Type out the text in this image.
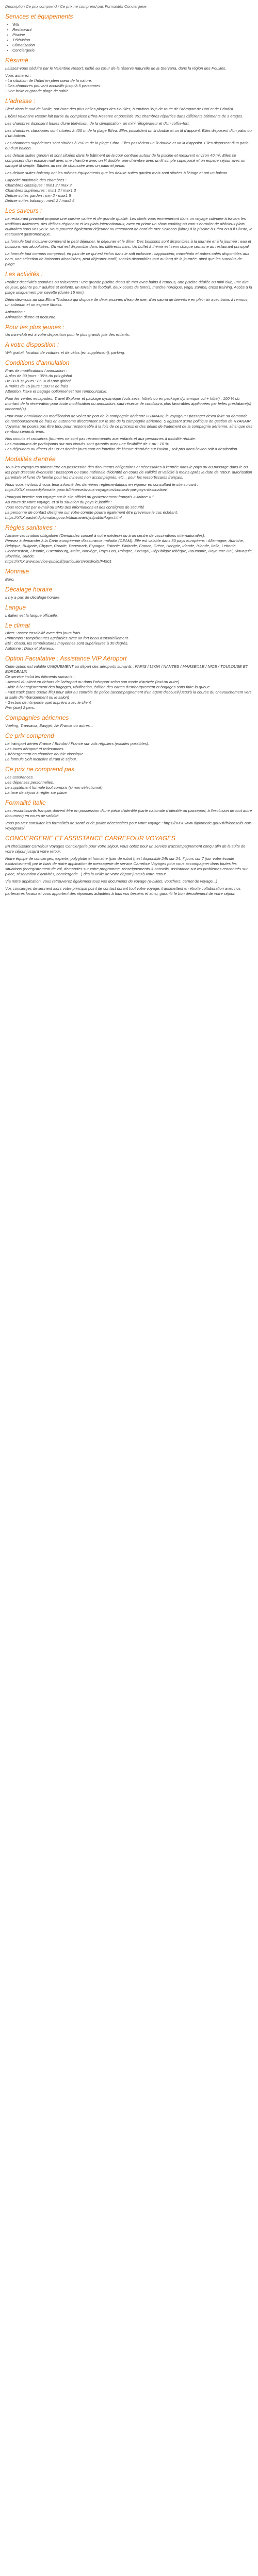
Description Ce prix comprend / Ce prix ne comprend pas Formalités Conciergerie

Services et équipements
• Wifi
• Restaurant
• Piscine
• Télévision
• Climatisation
• Conciergerie
Résumé

Laissez-vous séduire par le Valentine Resort, niché au cœur de la réserve naturelle de la Stervana, dans la région des Pouilles.

Vous aimerez :
- La situation de l'hôtel en plein cœur de la nature.
- Des chambres pouvant accueillir jusqu'à 5 personnes
- Une belle et grande plage de sable

L'adresse :

Situé dans le sud de l'Italie, sur l'une des plus belles plages des Pouilles, à environ 39,5 de route de l'aéroport de Bari et de Brindisi.

L'hôtel Valentine Resort fait partie du complexe Ethra Réserve et possède 351 chambres réparties dans différents bâtiments de 3 étages.

Les chambres disposent toutes d'une télévision, de la climatisation, un mini réfrigérateur et d'un coffre-fort.

Les chambres classiques sont situées à 400 m de la plage Ethra. Elles possèdent un lit double et un lit d'appoint. Elles disposent d'un patio ou d'un balcon.

Les chambres supérieures sont situées à 250 m de la plage Ethra. Elles possèdent un lit double et un lit d'appoint. Elles disposent d'un patio ou d'un balcon.

Les deluxe suites garden et sont situées dans le bâtiment de la cour centrale autour de la piscine et mesurent environ 40 m². Elles se composent d'un espace mail avec une chambre avec un lit double, une chambre avec un lit simple superposé et un espace séjour avec un canapé lit simple. Situées au rez de chaussée avec un patio et jardin.

Les deluxe suites balcony ont les mêmes équipements que les deluxe suites garden mais sont situées à l'étage et ont un balcon.

Capacité maximale des chambres :
Chambres classiques : min1 2 / max 3
Chambres supérieures : min1 2 / max1 3
Deluxe suites garden : min 2 / max1 5
Deluxe suites balcony : min1 2 / max1 5

Les saveurs :

Le restaurant principal propose une cuisine variée et de grande qualité. Les chefs vous emmèneront dans un voyage culinaire à travers les traditions italiennes, des délices régionaux et les plats internationaux, avec en prime un show cooking où vont s'enrouler de délicieux plats culinaires sous vos yeux. Vous pourrez également déjeuner au restaurant de bord de mer Scirocco (tilbre) à la piscine à Ethra ou à il Giusto, le restaurant gastronomique.

La formule tout inclusive comprend le petit déjeuner, le déjeuner et le dîner. Des boissons sont disponibles à la journée et à la journée : eau et boissons non alcoolisées. Ou voit est disponible dans les différents bars. Un buffet à thème est servi chaque semaine au restaurant principal.

La formule tout compris comprend, en plus de ce qui est inclus dans le soft inclusive : cappuccino, macchiato et autres cafés disponibles aux bars, une sélection de boissons alcoolisées, petit déjeuner tardif, snacks disponibles tout au long de la journée, ainsi que les surcoûts de plage.

Les activités :

Profitez d'activités sportives ou relaxantes : une grande piscine d'eau de mer avec bains à remous, une piscine dédiée au mini club, une aire de jeux, géante pour adultes et enfants, un terrain de football, deux courts de tennis, marche nordique, yoga, zumba, cross training. Accès à la plage uniquement par navette (durée 15 min).

Détendez-vous au spa Ethra Thalasso qui dispose de deux piscines d'eau de mer, d'un sauna de bien-être en plein air avec bains à remous, un solarium et un espace fitness.

Animation :
Animation diurne et nocturne.

Pour les plus jeunes :

Un mini-club est à votre disposition pour le plus grands joie des enfants.

A votre disposition :

Wifi gratuit, location de voitures et de vélos (en supplément), parking.

Conditions d'annulation

Frais de modifications / annulation :
A plus de 30 jours : 35% du prix global
De 30 à 15 jours : 85 % du prix global
A moins de 15 jours : 100 % de frais
Attention, l'taxe et bagage optionnel est non remboursable.

Pour les ventes escapades, Travel Explorer et package dynamique (vols secs, hôtels ou en package dynamique vol + hôtel) : 100 % du montant de la réservation pour toute modification ou annulation, sauf réserve de conditions plus favorables appliquées par le/les prestataire(s) concerné(s).

Pour toute annulation ou modification de vol et de part de la compagnie aérienne RYANAIR, le voyageur / passager devra faire sa demande de remboursement de frais en autonome directement sur le site de la compagnie aérienne. S'agissant d'une politique de gestion de RYANAIR, Voyamar ne pourra pas être tenu pour responsable à la fois de ce process et des délais de traitement de la compagnie aérienne, ainsi que des remboursements émis.

Nos circuits et croisières (fournies ne sont pas recommandés aux enfants et aux personnes à mobilité réduite.
Les maximums de participants sur nos circuits sont garantis avec une flexibilité de + ou - 10 %.
Les déjeuners ou dîners du 1er et dernier jours sont en fonction de l'heure d'arrivée sur l'avion ; soit pris dans l'avion soit à destination.

Modalités d'entrée

Tous les voyageurs doivent être en possession des documents obligatoires et nécessaires à l'entrée dans le pays ou au passage dans le ou les pays d'escale éventuels : passeport ou carte nationale d'identité en cours de validité et validité à moins après la date de retour, autorisation parentale et livret de famille pour les mineurs non accompagnés, etc... pour les ressortissants français.

Nous vous invitons à vous tenir informé des dernières réglementations en vigueur en consultant le site suivant : https://XXX.xxxxxxdiplomatie.gouv.fr/fr/conseils-aux-voyageurs/conseils-par-pays-destination/

Pourquoi inscrire son voyage sur le site officiel du gouvernement français « Ariane » ?
Au cours de votre voyage, et si la situation du pays le justifie :
Vous recevrez par e-mail ou SMS des informations et des consignes de sécurité
La personne de contact désignée sur votre compte pourra également être prévenue le cas échéant.
https://XXX.pastel.diplomatie.gouv.fr/fildariane/dyn/public/login.html

Règles sanitaires :

Aucune vaccination obligatoire (Demandez conseil à votre médecin ou à un centre de vaccinations internationales).
Pensez à demander à la Carte européenne d'assurance maladie (CEAM). Elle est valable dans 30 pays européens : Allemagne, Autriche, Belgique, Bulgarie, Chypre, Croatie, Danemark, Espagne, Estonie, Finlande, France, Grèce, Hongrie, Irlande, Islande, Italie, Lettonie, Liechtenstein, Lituanie, Luxembourg, Malte, Norvège, Pays-Bas, Pologne, Portugal, République tchèque, Roumanie, Royaume-Uni, Slovaquie, Slovénie, Suède.
https://XXX.www.service-public.fr/particuliers/vosdroits/F4901

Monnaie

Euro.

Décalage horaire

Il n'y a pas de décalage horaire

Langue

L'italien est la langue officielle.

Le climat

Hiver : assez ensoleillé avec des jours frais.
Printemps : températures agréables avec un fort beau d'ensoleillement.
Été : chaud, les températures moyennes sont supérieures à 30 degrés.
Automne : Doux et pluvieux.

Option Facultative : Assistance VIP Aéroport

Cette option est valable UNIQUEMENT au départ des aéroports suivants : PARIS / LYON / NANTES / MARSEILLE / NICE / TOULOUSE ET BORDEAUX
Ce service inclut les éléments suivants :
- Accueil du client en dehors de l'aéroport ou dans l'aéroport selon son mode d'arrivée (taxi ou autre)
- Aide à l'enregistrement des bagages, vérification, édition des cartes d'embarquement et bagages sans faire la queue
- Fast track (sans queue file) pour aller au contrôle de police (accompagnement d'un agent d'accueil jusqu'à la course du chevauchement vers la salle d'embarquement ou le salon)
- Gestion de n'importe quel imprévu avec le client
Prix (aux) 2 pers.

Compagnies aériennes

Vueling, Transavia, Easyjet, Air France ou autres...

Ce prix comprend

Le transport aérien France / Brindisi / France sur vols réguliers (escales possibles).
Les taxes aéroport et redevances.
L'hébergement en chambre double classique.
La formule Soft Inclusive durant le séjour.

Ce prix ne comprend pas

Les assurances.
Les dépenses personnelles.
Le supplément formule tout compris (si non sélectionné).
La taxe de séjour à régler sur place.

Formalité Italie

Les ressortissants français doivent être en possession d'une pièce d'identité (carte nationale d'identité ou passeport, à l'exclusion de tout autre document) en cours de validité.

Vous pouvez consulter les formalités de santé et de police nécessaires pour votre voyage : https://XXX.www.diplomatie.gouv.fr/fr/conseils-aux-voyageurs/

CONCIERGERIE ET ASSISTANCE CARREFOUR VOYAGES

En choisissant Carrefour Voyages Conciergerie pour votre séjour, vous optez pour un service d'accompagnement conçu afin de la suite de votre séjour jusqu'à votre retour.

Notre équipe de concierges, experte, polyglotte et humaine (pas de robot !) est disponible 24h sur 24, 7 jours sur 7 (sur votre écoute exclusivement) par le biais de notre application de messagerie de service Carrefour Voyages pour vous accompagner dans toutes les situations (enregistrement de vol, demandes sur votre programme, renseignements & conseils, assistance sur les problèmes rencontrés sur place, réservation d'activités, conciergerie...) dès la veille de votre départ jusqu'à votre retour.

Via notre application, vous retrouverez également tous vos documents de voyage (e-billets, vouchers, carnet de voyage...)

Vos concierges deviennent alors votre principal point de contact durant tout votre voyage, transmettent en étroite collaboration avec nos partenaires locaux et vous apportent des réponses adaptées à tous vos besoins et ainsi, garantir le bon déroulement de votre séjour.
